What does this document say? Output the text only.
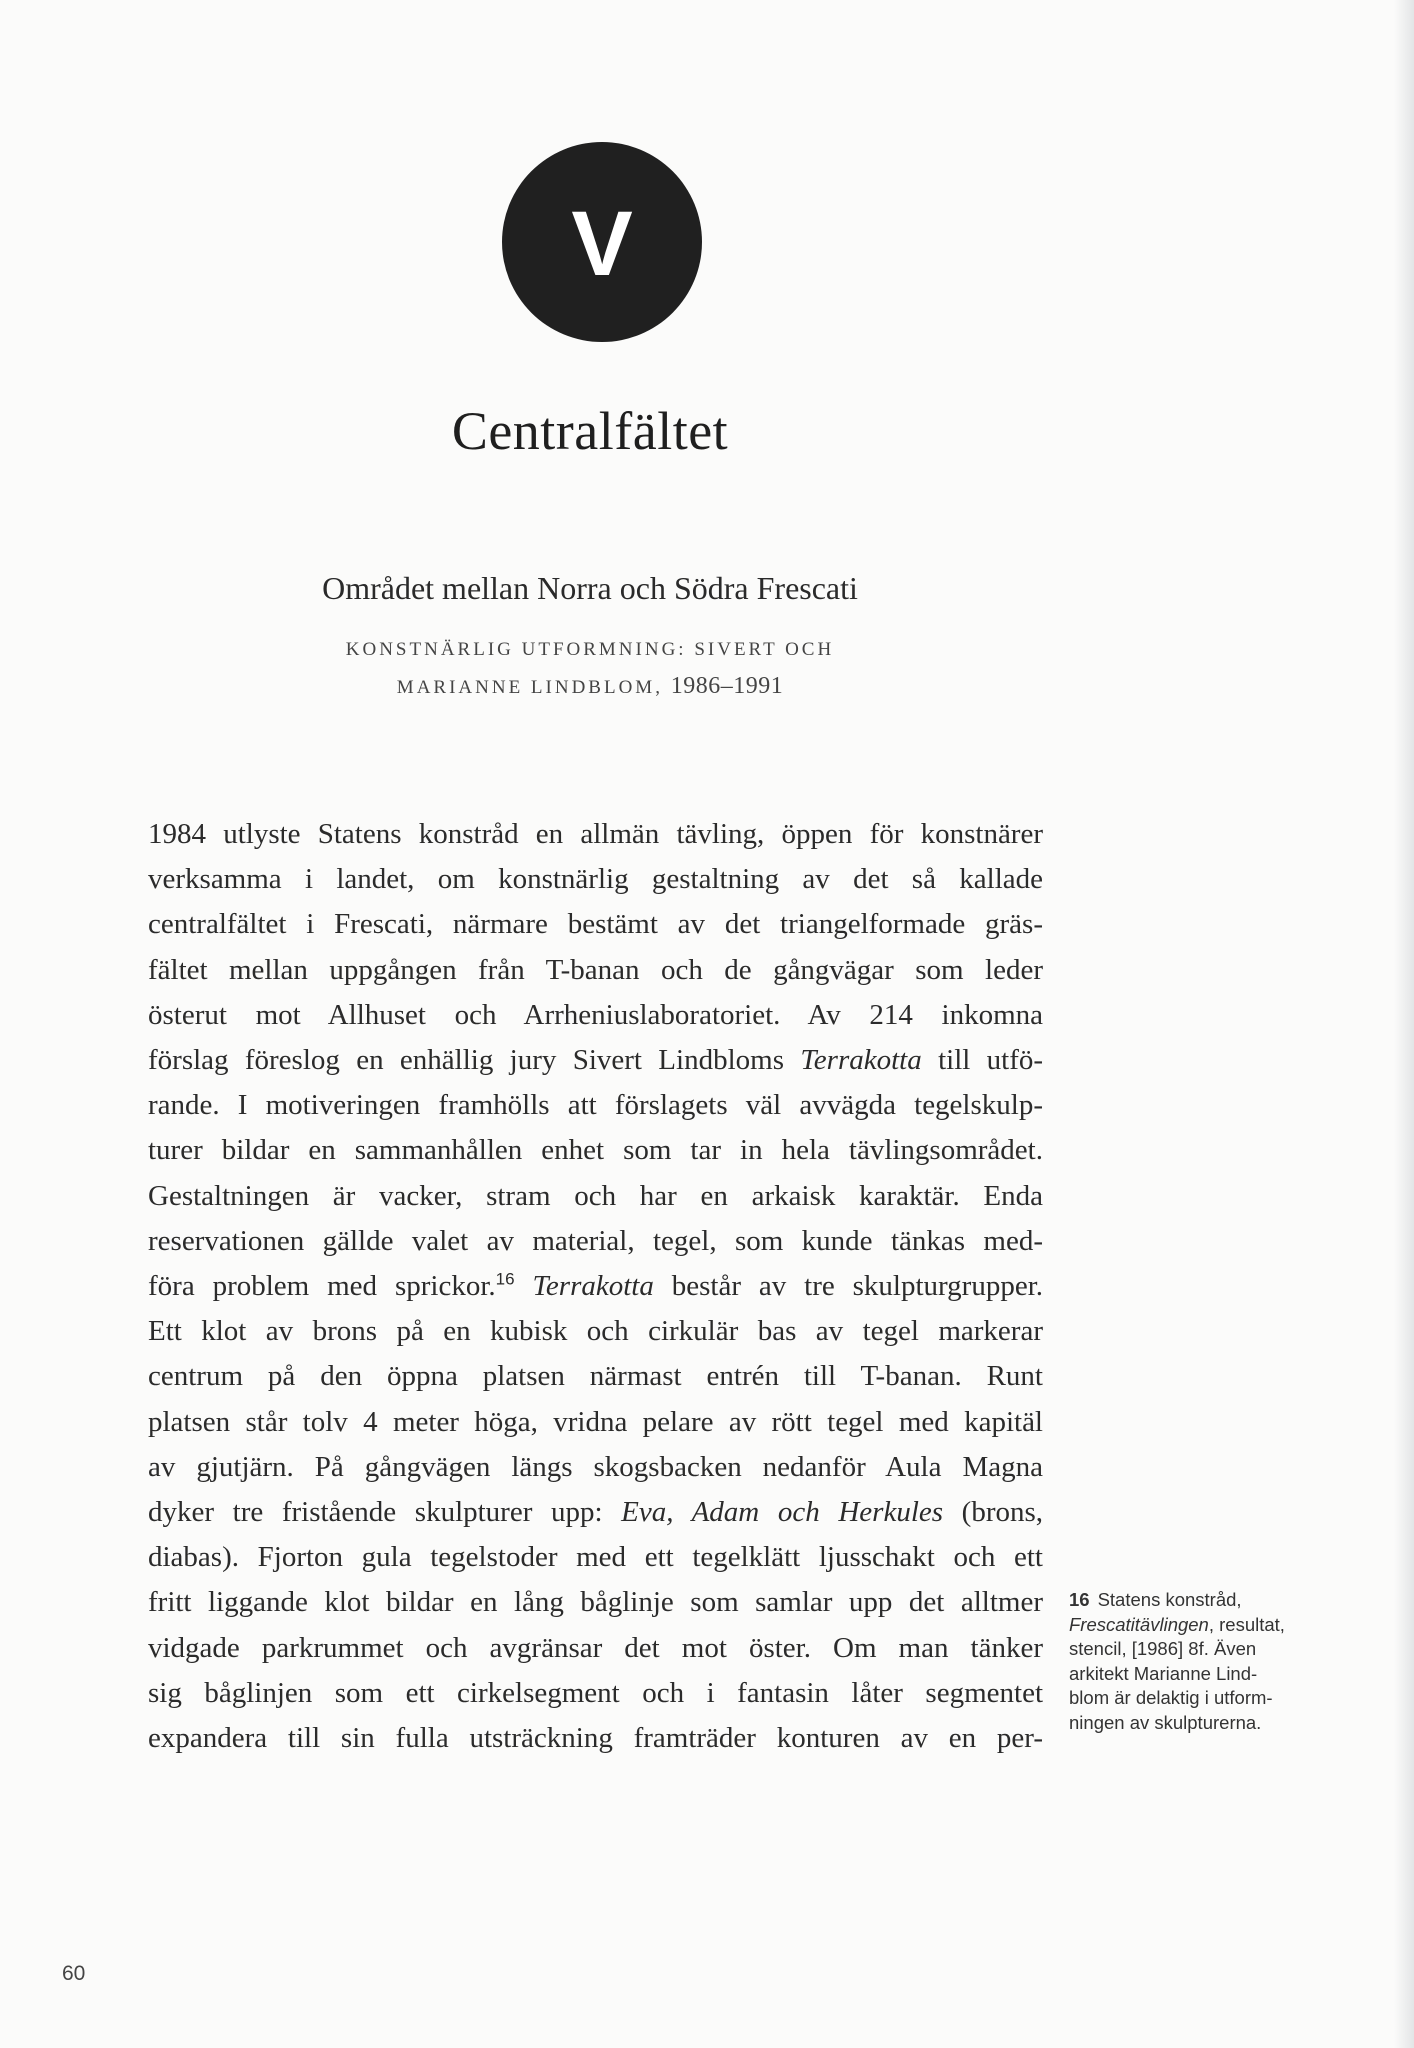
V
Centralfältet

Området mellan Norra och Södra Frescati

KONSTNÄRLIG UTFORMNING: SIVERT OCH
MARIANNE LINDBLOM, 1986–1991

1984 utlyste Statens konstråd en allmän tävling, öppen för konstnärer
verksamma i landet, om konstnärlig gestaltning av det så kallade
centralfältet i Frescati, närmare bestämt av det triangelformade gräs-
fältet mellan uppgången från T-banan och de gångvägar som leder
österut mot Allhuset och Arrheniuslaboratoriet. Av 214 inkomna
förslag föreslog en enhällig jury Sivert Lindbloms Terrakotta till utfö-
rande. I motiveringen framhölls att förslagets väl avvägda tegelskulp-
turer bildar en sammanhållen enhet som tar in hela tävlingsområdet.
Gestaltningen är vacker, stram och har en arkaisk karaktär. Enda
reservationen gällde valet av material, tegel, som kunde tänkas med-
föra problem med sprickor.$^{16}$ Terrakotta består av tre skulpturgrupper.
Ett klot av brons på en kubisk och cirkulär bas av tegel markerar
centrum på den öppna platsen närmast entrén till T-banan. Runt
platsen står tolv 4 meter höga, vridna pelare av rött tegel med kapitäl
av gjutjärn. På gångvägen längs skogsbacken nedanför Aula Magna
dyker tre fristående skulpturer upp: Eva, Adam och Herkules (brons,
diabas). Fjorton gula tegelstoder med ett tegelklätt ljusschakt och ett
fritt liggande klot bildar en lång båglinje som samlar upp det alltmer
vidgade parkrummet och avgränsar det mot öster. Om man tänker
sig båglinjen som ett cirkelsegment och i fantasin låter segmentet
expandera till sin fulla utsträckning framträder konturen av en per-
16 Statens konstråd,
Frescatitävlingen, resultat,
stencil, [1986] 8f. Även
arkitekt Marianne Lind-
blom är delaktig i utform-
ningen av skulpturerna.
60
